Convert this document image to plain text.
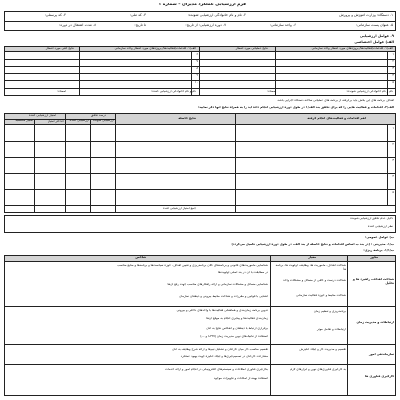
فرم ارزشیابی عملکرد مدیران – شماره ۱
۱. دستگاه: وزارت آموزش و پرورش
۲. نام و نام خانوادگی ارزشیابی شونده:
۳. کد ملی:
۴. کد پرسنلی:
۵. عنوان پست سازمانی:
۶. واحد سازمانی:
۷. دوره ارزشیابی: از تاریخ:
تا تاریخ:
۸. مدت اشتغال در دوره:
۹. عوامل ارزشیابی
الف) عوامل اختصاصی
الف/۱. اقدامات/فعالیت‌ها/ پروژه‌های مورد انتظار واحد سازمانی
نتایج عملیاتی مورد انتظار
الف/۱. اقدامات/فعالیت‌ها/ پروژه‌های مورد انتظار واحد سازمانی
نتایج کمّی مورد انتظار
۱
۲
۳
۴
۵
۶
۷
۸
۹
۱۰
نام و نام خانوادگی ارزشیابی شونده:
امضاء:
نام و نام خانوادگی ارزشیابی کننده:
امضاء:
اهداف برنامه های این بخش باید برگرفته از برنامه های عملیاتی سالانه دستگاه اجرایی باشد.
الف/۲. اقدامات و فعالیت هایی را که برای تحقق بند الف/۱ در طول دوره ارزشیابی انجام داده اید را به همراه نتایج آنها ذکر نمایید:
اهم اقدامات و فعالیت‌های انجام گرفته
نتایج حاصله
درصد تحقق
امتیاز ارزشیابی کننده
ارزشیابی شونده
ارزشیابی کننده
حداکثر امتیاز
امتیاز مکتسبه
۱
۲
۳
۴
۵
جمع امتیاز ارزشیابی کننده
دلایل عدم تحقق ارزشیابی شونده
نظر ارزشیابی کننده
ب) عوامل عمومی:
ب/۱. مدیریتی : (در بند ب اساس اقدامات و نتایج حاصله از بند الف، در طول دوره ارزشیابی تکمیل می‌گردد)
ب/۱/۱. برنامه ریزی:
محور
معیار
شاخص
شناخت اهداف، راهبرد ها و تحلیل
شناخت اهداف، ماموریت ها، وظایف، اولویت ها، برنامه ها
شناخت درست و کافی از مسائل و مشکلات واحد
شناخت محیط و حوزه فعالیت سازمانی
شناسایی ماموریت‌های قانونی و برنامه‌های کلان برنامه‌ریزی و تعیین اهداف، حوزه سیاست‌ها و برنامه‌ها و منابع مناسب
در مطابقت با آن در بند اصلی اولویت‌ها
شناسایی مسائل و مشکلات سازمانی و ارائه راهکارهای مناسب جهت رفع آن‌ها
آشنایی با قوانین و مقررات و شناخت محیط بیرونی و ذینفعان سازمان
ارتباطات و مدیریت زمان
برنامه‌ریزی و تنظیم زمان
ارتباطات و تعامل موثر
تدوین برنامه زمان‌بندی و هماهنگی فعالیت‌ها با واحدهای داخلی و بیرونی
زمان‌بندی فعالیت‌ها و پیگیری انجام به موقع آن‌ها
برقراری ارتباط با ذینفعان و انعکاس نتایج به آنان
استفاده از تکنیک‌های نوین مدیریت زمان (CPM و ...)
سازماندهی امور
تقسیم و مدیریت کار و ایجاد انگیزش
تقسیم مناسب کار میان کارکنان و تشکیل تیم‌ها و ارائه شرح وظایف به آنان
مشارکت کارکنان در تصمیم‌گیری‌ها و ایجاد انگیزه جهت بهبود عملکرد
کارگیری فناوری ها
به کارگیری فناوری‌های نوین و ابزارهای لازم
بکارگیری فناوری اطلاعات و سیستم‌های الکترونیکی در انجام امور و ارائه خدمات
استفاده بهینه از امکانات و تجهیزات موجود
